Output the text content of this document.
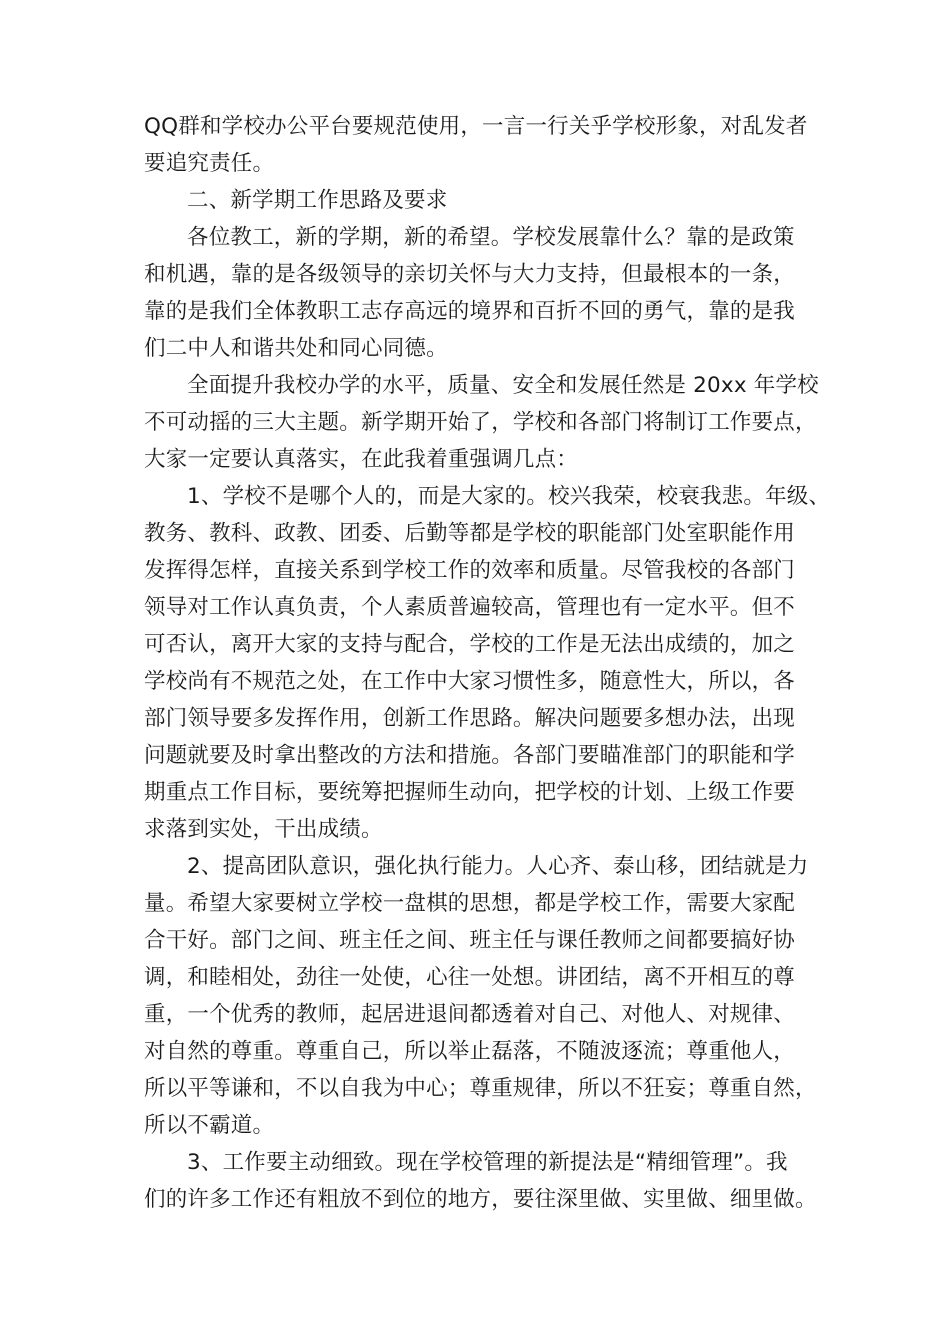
QQ群和学校办公平台要规范使用，一言一行关乎学校形象，对乱发者
要追究责任。
二、新学期工作思路及要求
各位教工，新的学期，新的希望。学校发展靠什么？靠的是政策
和机遇，靠的是各级领导的亲切关怀与大力支持，但最根本的一条，
靠的是我们全体教职工志存高远的境界和百折不回的勇气，靠的是我
们二中人和谐共处和同心同德。
全面提升我校办学的水平，质量、安全和发展任然是 20xx 年学校
不可动摇的三大主题。新学期开始了，学校和各部门将制订工作要点，
大家一定要认真落实，在此我着重强调几点：
1、学校不是哪个人的，而是大家的。校兴我荣，校衰我悲。年级、
教务、教科、政教、团委、后勤等都是学校的职能部门处室职能作用
发挥得怎样，直接关系到学校工作的效率和质量。尽管我校的各部门
领导对工作认真负责，个人素质普遍较高，管理也有一定水平。但不
可否认，离开大家的支持与配合，学校的工作是无法出成绩的，加之
学校尚有不规范之处，在工作中大家习惯性多，随意性大，所以，各
部门领导要多发挥作用，创新工作思路。解决问题要多想办法，出现
问题就要及时拿出整改的方法和措施。各部门要瞄准部门的职能和学
期重点工作目标，要统筹把握师生动向，把学校的计划、上级工作要
求落到实处，干出成绩。
2、提高团队意识，强化执行能力。人心齐、泰山移，团结就是力
量。希望大家要树立学校一盘棋的思想，都是学校工作，需要大家配
合干好。部门之间、班主任之间、班主任与课任教师之间都要搞好协
调，和睦相处，劲往一处使，心往一处想。讲团结，离不开相互的尊
重，一个优秀的教师，起居进退间都透着对自己、对他人、对规律、
对自然的尊重。尊重自己，所以举止磊落，不随波逐流；尊重他人，
所以平等谦和，不以自我为中心；尊重规律，所以不狂妄；尊重自然，
所以不霸道。
3、工作要主动细致。现在学校管理的新提法是“精细管理”。我
们的许多工作还有粗放不到位的地方，要往深里做、实里做、细里做。
